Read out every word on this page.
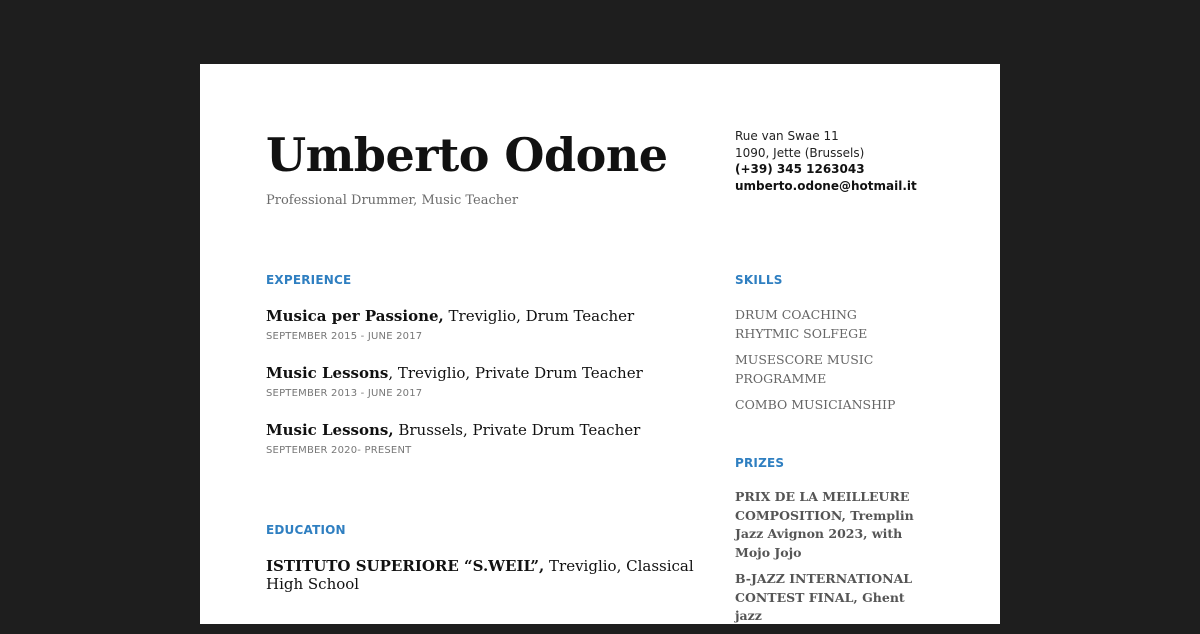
Umberto Odone
Professional Drummer, Music Teacher
Rue van Swae 11
1090, Jette (Brussels)
(+39) 345 1263043
umberto.odone@hotmail.it
EXPERIENCE
Musica per Passione, Treviglio, Drum Teacher
SEPTEMBER 2015 - JUNE 2017
Music Lessons, Treviglio, Private Drum Teacher
SEPTEMBER 2013 - JUNE 2017
Music Lessons, Brussels, Private Drum Teacher
SEPTEMBER 2020- PRESENT
EDUCATION
ISTITUTO SUPERIORE “S.WEIL”, Treviglio, Classical High School
SKILLS
DRUM COACHING
RHYTMIC SOLFEGE
MUSESCORE MUSIC PROGRAMME
COMBO MUSICIANSHIP
PRIZES
PRIX DE LA MEILLEURE COMPOSITION, Tremplin Jazz Avignon 2023, with Mojo Jojo
B-JAZZ INTERNATIONAL CONTEST FINAL, Ghent jazz
